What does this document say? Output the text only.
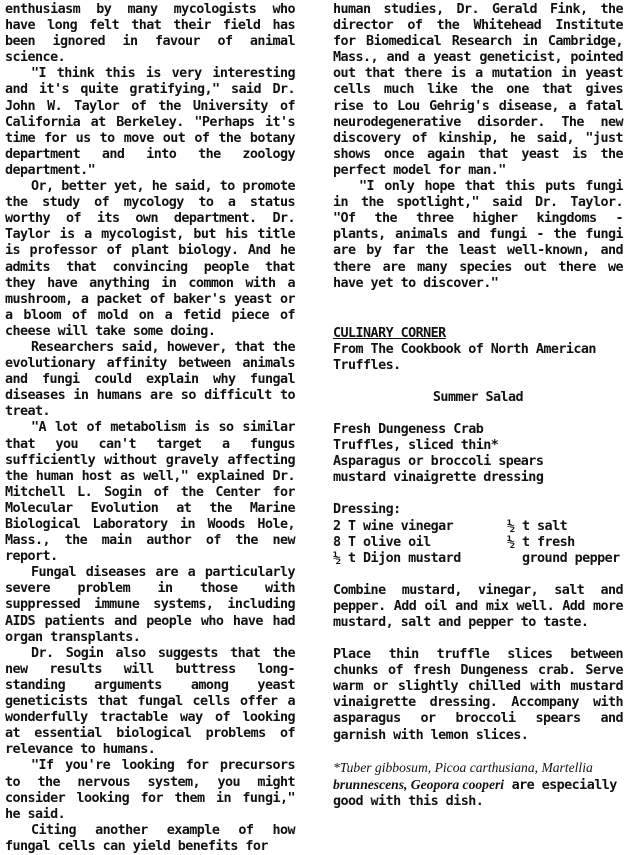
enthusiasm by many mycologists who have long felt that their field has been ignored in favour of animal science.

"I think this is very interesting and it's quite gratifying," said Dr. John W. Taylor of the University of California at Berkeley. "Perhaps it's time for us to move out of the botany department and into the zoology department."

Or, better yet, he said, to promote the study of mycology to a status worthy of its own department. Dr. Taylor is a mycologist, but his title is professor of plant biology. And he admits that convincing people that they have anything in common with a mushroom, a packet of baker's yeast or a bloom of mold on a fetid piece of cheese will take some doing.

Researchers said, however, that the evolutionary affinity between animals and fungi could explain why fungal diseases in humans are so difficult to treat.

"A lot of metabolism is so similar that you can't target a fungus sufficiently without gravely affecting the human host as well," explained Dr. Mitchell L. Sogin of the Center for Molecular Evolution at the Marine Biological Laboratory in Woods Hole, Mass., the main author of the new report.

Fungal diseases are a particularly severe problem in those with suppressed immune systems, including AIDS patients and people who have had organ transplants.

Dr. Sogin also suggests that the new results will buttress long-standing arguments among yeast geneticists that fungal cells offer a wonderfully tractable way of looking at essential biological problems of relevance to humans.

"If you're looking for precursors to the nervous system, you might consider looking for them in fungi," he said.

Citing another example of how fungal cells can yield benefits for

human studies, Dr. Gerald Fink, the director of the Whitehead Institute for Biomedical Research in Cambridge, Mass., and a yeast geneticist, pointed out that there is a mutation in yeast cells much like the one that gives rise to Lou Gehrig's disease, a fatal neurodegenerative disorder. The new discovery of kinship, he said, "just shows once again that yeast is the perfect model for man."

"I only hope that this puts fungi in the spotlight," said Dr. Taylor. "Of the three higher kingdoms - plants, animals and fungi - the fungi are by far the least well-known, and there are many species out there we have yet to discover."

CULINARY CORNER

From The Cookbook of North American Truffles.

Summer Salad

Fresh Dungeness Crab
Truffles, sliced thin*
Asparagus or broccoli spears
mustard vinaigrette dressing

Dressing:

2 T wine vinegar	½ t salt
8 T olive oil	½ t fresh
½ t Dijon mustard	ground pepper

Combine mustard, vinegar, salt and pepper. Add oil and mix well. Add more mustard, salt and pepper to taste.

Place thin truffle slices between chunks of fresh Dungeness crab. Serve warm or slightly chilled with mustard vinaigrette dressing. Accompany with asparagus or broccoli spears and garnish with lemon slices.

*Tuber gibbosum, Picoa carthusiana, Martellia
brunnescens, Geopora cooperi are especially good with this dish.
